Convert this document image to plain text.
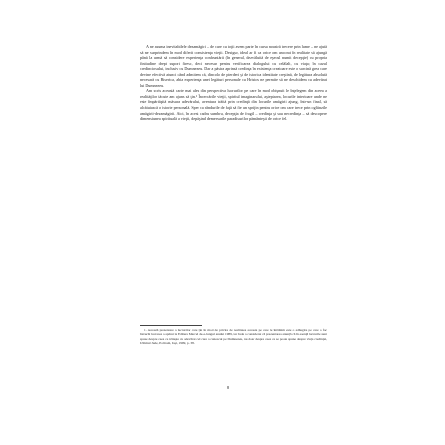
A ne asuma inevitabilele dezamăgiri – de care cu toţii avem parte în cursa noastră trecere prin lume – ne ajută să ne surprindem în mod diferit consistenţa vieţii. Desigur, ideal ar fi ca orice om ancorat în realitate să ajungă până la urmă să considere experienţa confruntării (în general, dezvăluită de eşecul numit decepţie) cu propria finitudine drept suport firesc, deci necesar pentru verificarea dialogului cu celălalt, cu viaţa; în cazul credinciosului, inclusiv cu Dumnezeu. Dar a păstra aprinsă credinţa în existenţa creatoare este o sarcină grea care devine efectivă atunci când admitem că, dincolo de pierderi şi de istorica identitate creştină, de legătura absolută necesară cu Biserica, abia experienţa unei legături personale cu Hristos ne permite să ne deschidem cu adevărat lui Dumnezeu.

Am scris această carte mai ales din perspectiva lucrurilor pe care în mod obişnuit le înţelegem din aceea a realităţilor tăcute am ajuns să ţin.¹ Încercările vieţii, spiritul imaginarului, aşteptarea, locurile interioare unde ne este împărtăşită măsura adevărului, aventura trăită prin credinţă din locurile amăgirii ajung, într-un final, să alcătuiască o istorie personală. Sper ca rândurile de faţă să fie un sprijin pentru orice om care trece prin ogliinzile amăgirii-dezamăgirii. Aici, în acest cadru sumbru, decepţia de fragil – credinţa şi sau necredinţa – să descopere dimensiunea spirituală a vieţii, depăşind demersurile paradisurilor pământeşti de orice fel.

1. Această prezentare a lucrurilor care ţin în mod de privire de realitatea aceasta pe care le întâlnim este o adăugire pe care o fac întrucât lucrarea a apărut la Editura Marcel de-a-lungul anului 1989, iar Jude a considerat că prezentarea anunţă că în esenţă lucrurile sunt spuse despre ceea ce trăieşte cu adevărat cel care a cunoscut pe Dumnezeu, nu doar despre ceea ce se poate spune despre viaţa credinţei, Ultimul Jude, Polirom, Iaşi, 1999, p. 38.

8
